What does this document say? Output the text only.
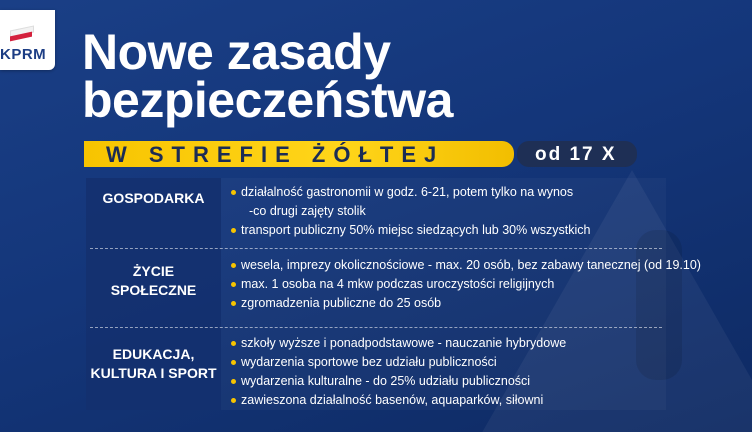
KPRM Nowe zasady
bezpieczeństwa
W STREFIE ŻÓŁTEJ	od 17 X
GOSPODARKA	działalność gastronomii w godz. 6-21, potem tylko na wynos
-co drugi zajęty stolik
transport publiczny 50% miejsc siedzących lub 30% wszystkich
ŻYCIE SPOŁECZNE
wesela, imprezy okolicznościowe - max. 20 osób, bez zabawy tanecznej (od 19.10)
max. 1 osoba na 4 mkw podczas uroczystości religijnych
zgromadzenia publiczne do 25 osób
EDUKACJA, KULTURA I SPORT
szkoły wyższe i ponadpodstawowe - nauczanie hybrydowe
wydarzenia sportowe bez udziału publiczności
wydarzenia kulturalne - do 25% udziału publiczności
zawieszona działalność basenów, aquaparków, siłowni
